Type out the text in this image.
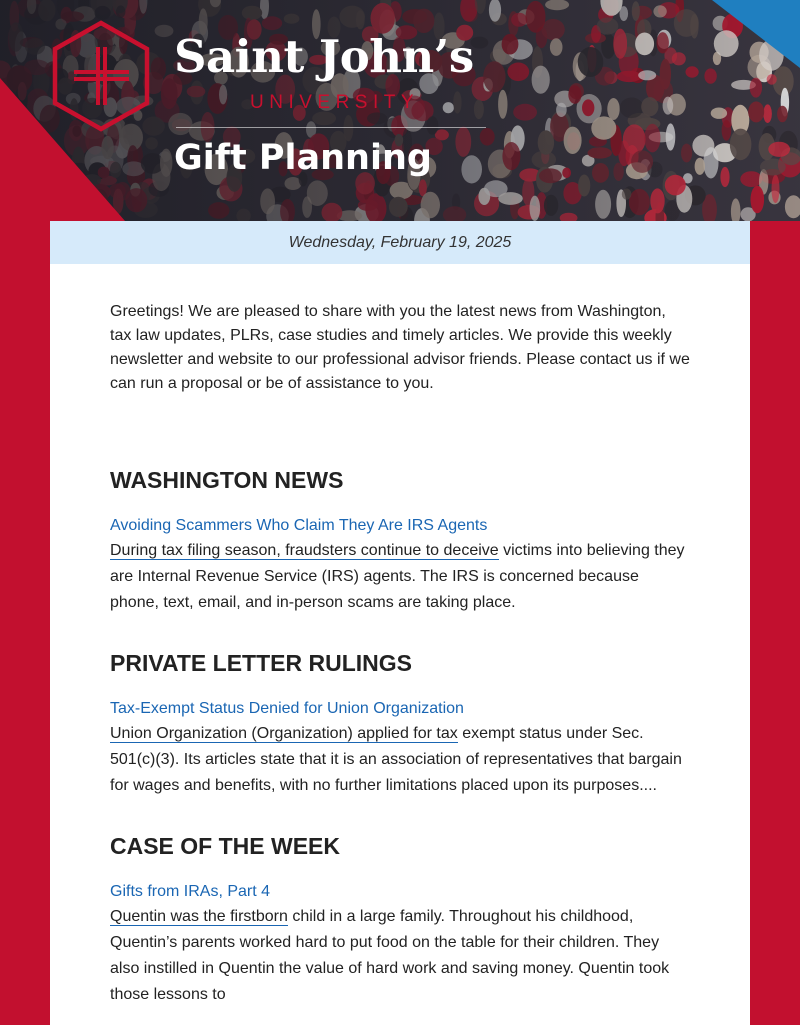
Saint John’s
UNIVERSITY
Gift Planning
Wednesday, February 19, 2025

Greetings! We are pleased to share with you the latest news from Washington, tax law updates, PLRs, case studies and timely articles. We provide this weekly newsletter and website to our professional advisor friends. Please contact us if we can run a proposal or be of assistance to you.

WASHINGTON NEWS
Avoiding Scammers Who Claim They Are IRS Agents

During tax filing season, fraudsters continue to deceive victims into believing they are Internal Revenue Service (IRS) agents. The IRS is concerned because phone, text, email, and in-person scams are taking place.

PRIVATE LETTER RULINGS
Tax-Exempt Status Denied for Union Organization

Union Organization (Organization) applied for tax exempt status under Sec. 501(c)(3). Its articles state that it is an association of representatives that bargain for wages and benefits, with no further limitations placed upon its purposes....

CASE OF THE WEEK
Gifts from IRAs, Part 4

Quentin was the firstborn child in a large family. Throughout his childhood, Quentin’s parents worked hard to put food on the table for their children. They also instilled in Quentin the value of hard work and saving money. Quentin took those lessons to
